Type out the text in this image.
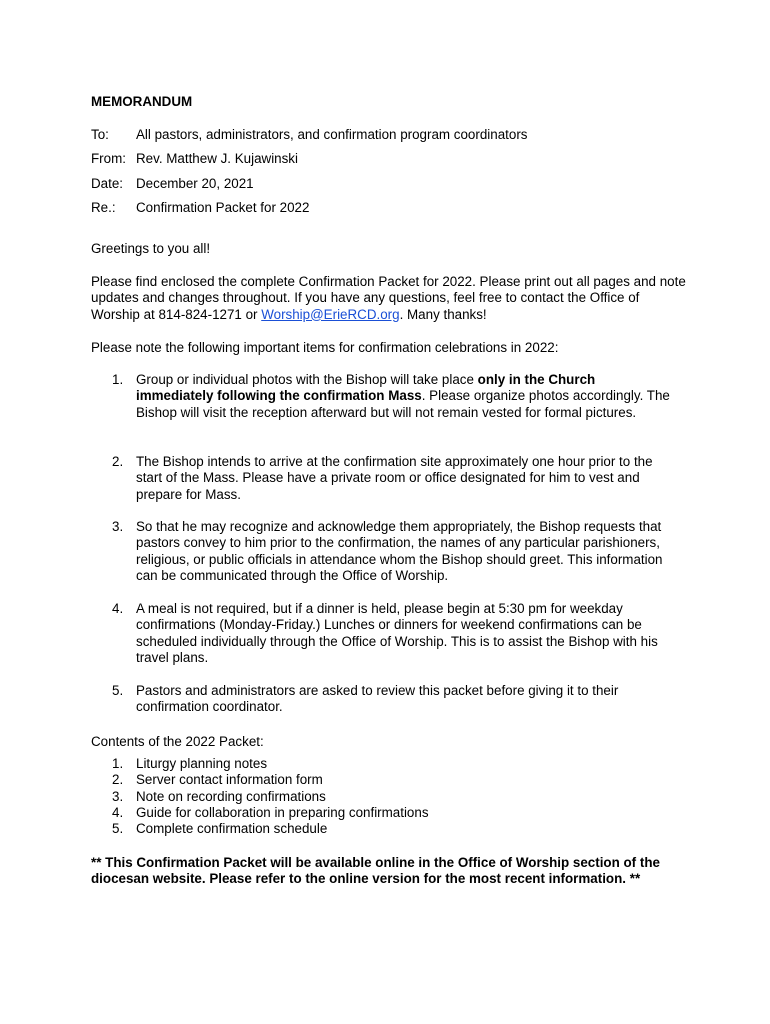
MEMORANDUM
To: All pastors, administrators, and confirmation program coordinators
From: Rev. Matthew J. Kujawinski
Date: December 20, 2021
Re.: Confirmation Packet for 2022
Greetings to you all!
Please find enclosed the complete Confirmation Packet for 2022. Please print out all pages and note updates and changes throughout. If you have any questions, feel free to contact the Office of Worship at 814-824-1271 or Worship@ErieRCD.org. Many thanks!
Please note the following important items for confirmation celebrations in 2022:
1. Group or individual photos with the Bishop will take place only in the Church immediately following the confirmation Mass. Please organize photos accordingly. The Bishop will visit the reception afterward but will not remain vested for formal pictures.
2. The Bishop intends to arrive at the confirmation site approximately one hour prior to the start of the Mass. Please have a private room or office designated for him to vest and prepare for Mass.
3. So that he may recognize and acknowledge them appropriately, the Bishop requests that pastors convey to him prior to the confirmation, the names of any particular parishioners, religious, or public officials in attendance whom the Bishop should greet. This information can be communicated through the Office of Worship.
4. A meal is not required, but if a dinner is held, please begin at 5:30 pm for weekday confirmations (Monday-Friday.) Lunches or dinners for weekend confirmations can be scheduled individually through the Office of Worship. This is to assist the Bishop with his travel plans.
5. Pastors and administrators are asked to review this packet before giving it to their confirmation coordinator.
Contents of the 2022 Packet:
1. Liturgy planning notes
2. Server contact information form
3. Note on recording confirmations
4. Guide for collaboration in preparing confirmations
5. Complete confirmation schedule
** This Confirmation Packet will be available online in the Office of Worship section of the diocesan website. Please refer to the online version for the most recent information. **
